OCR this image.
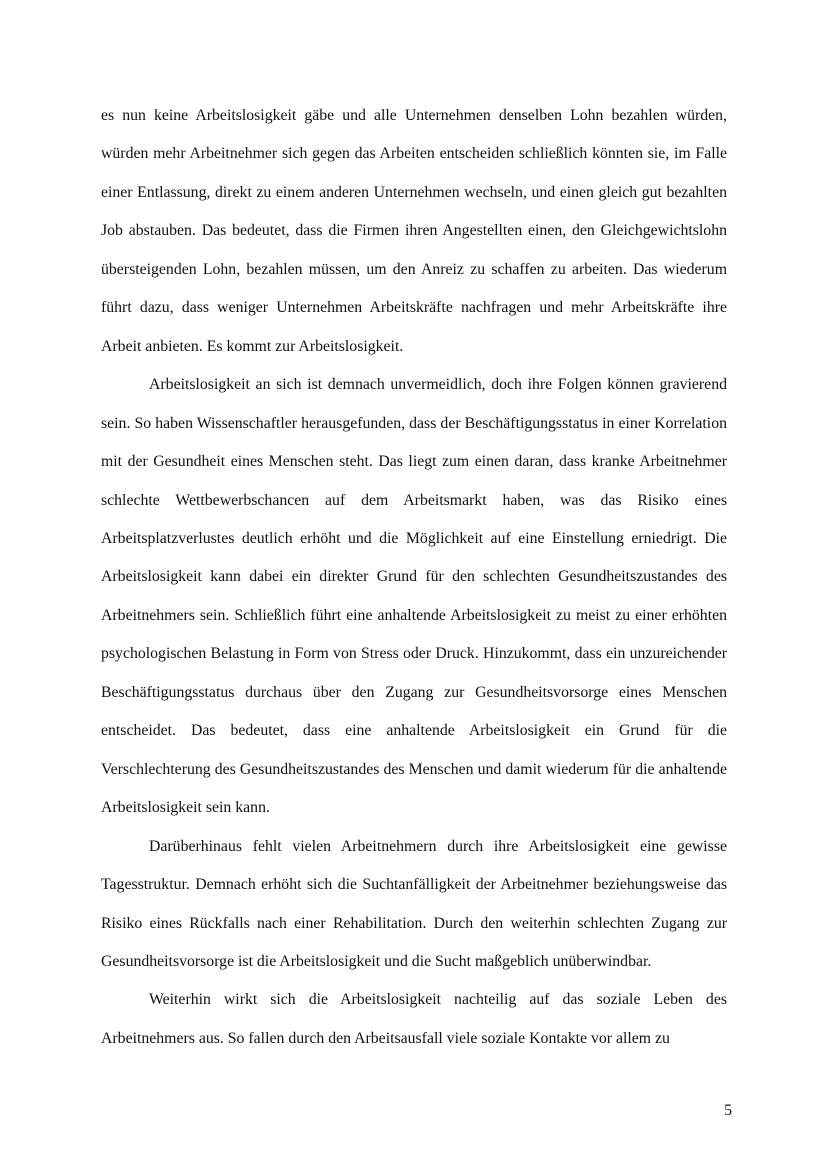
es nun keine Arbeitslosigkeit gäbe und alle Unternehmen denselben Lohn bezahlen würden, würden mehr Arbeitnehmer sich gegen das Arbeiten entscheiden schließlich könnten sie, im Falle einer Entlassung, direkt zu einem anderen Unternehmen wechseln, und einen gleich gut bezahlten Job abstauben. Das bedeutet, dass die Firmen ihren Angestellten einen, den Gleichgewichtslohn übersteigenden Lohn, bezahlen müssen, um den Anreiz zu schaffen zu arbeiten. Das wiederum führt dazu, dass weniger Unternehmen Arbeitskräfte nachfragen und mehr Arbeitskräfte ihre Arbeit anbieten. Es kommt zur Arbeitslosigkeit.

Arbeitslosigkeit an sich ist demnach unvermeidlich, doch ihre Folgen können gravierend sein. So haben Wissenschaftler herausgefunden, dass der Beschäftigungsstatus in einer Korrelation mit der Gesundheit eines Menschen steht. Das liegt zum einen daran, dass kranke Arbeitnehmer schlechte Wettbewerbschancen auf dem Arbeitsmarkt haben, was das Risiko eines Arbeitsplatzverlustes deutlich erhöht und die Möglichkeit auf eine Einstellung erniedrigt. Die Arbeitslosigkeit kann dabei ein direkter Grund für den schlechten Gesundheitszustandes des Arbeitnehmers sein. Schließlich führt eine anhaltende Arbeitslosigkeit zu meist zu einer erhöhten psychologischen Belastung in Form von Stress oder Druck. Hinzukommt, dass ein unzureichender Beschäftigungsstatus durchaus über den Zugang zur Gesundheitsvorsorge eines Menschen entscheidet. Das bedeutet, dass eine anhaltende Arbeitslosigkeit ein Grund für die Verschlechterung des Gesundheitszustandes des Menschen und damit wiederum für die anhaltende Arbeitslosigkeit sein kann.

Darüberhinaus fehlt vielen Arbeitnehmern durch ihre Arbeitslosigkeit eine gewisse Tagesstruktur. Demnach erhöht sich die Suchtanfälligkeit der Arbeitnehmer beziehungsweise das Risiko eines Rückfalls nach einer Rehabilitation. Durch den weiterhin schlechten Zugang zur Gesundheitsvorsorge ist die Arbeitslosigkeit und die Sucht maßgeblich unüberwindbar.

Weiterhin wirkt sich die Arbeitslosigkeit nachteilig auf das soziale Leben des Arbeitnehmers aus. So fallen durch den Arbeitsausfall viele soziale Kontakte vor allem zu

5
